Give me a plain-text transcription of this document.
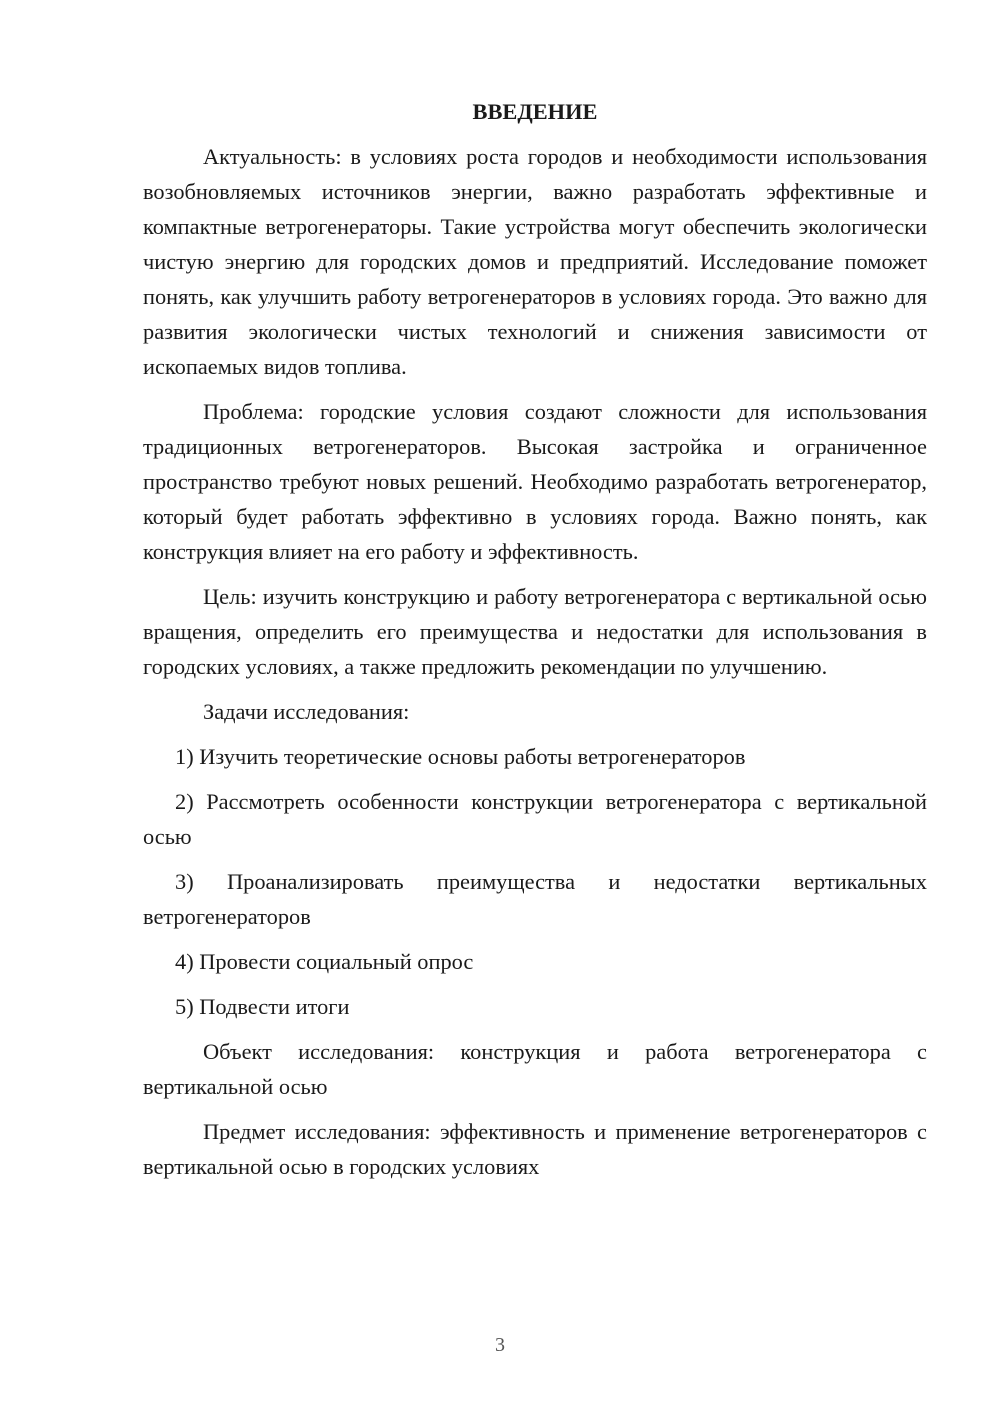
ВВЕДЕНИЕ

Актуальность: в условиях роста городов и необходимости использования возобновляемых источников энергии, важно разработать эффективные и компактные ветрогенераторы. Такие устройства могут обеспечить экологически чистую энергию для городских домов и предприятий. Исследование поможет понять, как улучшить работу ветрогенераторов в условиях города. Это важно для развития экологически чистых технологий и снижения зависимости от ископаемых видов топлива.

Проблема: городские условия создают сложности для использования традиционных ветрогенераторов. Высокая застройка и ограниченное пространство требуют новых решений. Необходимо разработать ветрогенератор, который будет работать эффективно в условиях города. Важно понять, как конструкция влияет на его работу и эффективность.

Цель: изучить конструкцию и работу ветрогенератора с вертикальной осью вращения, определить его преимущества и недостатки для использования в городских условиях, а также предложить рекомендации по улучшению.

Задачи исследования:

1) Изучить теоретические основы работы ветрогенераторов

2) Рассмотреть особенности конструкции ветрогенератора с вертикальной осью

3) Проанализировать преимущества и недостатки вертикальных ветрогенераторов

4) Провести социальный опрос

5) Подвести итоги

Объект исследования: конструкция и работа ветрогенератора с вертикальной осью

Предмет исследования: эффективность и применение ветрогенераторов с вертикальной осью в городских условиях

3
